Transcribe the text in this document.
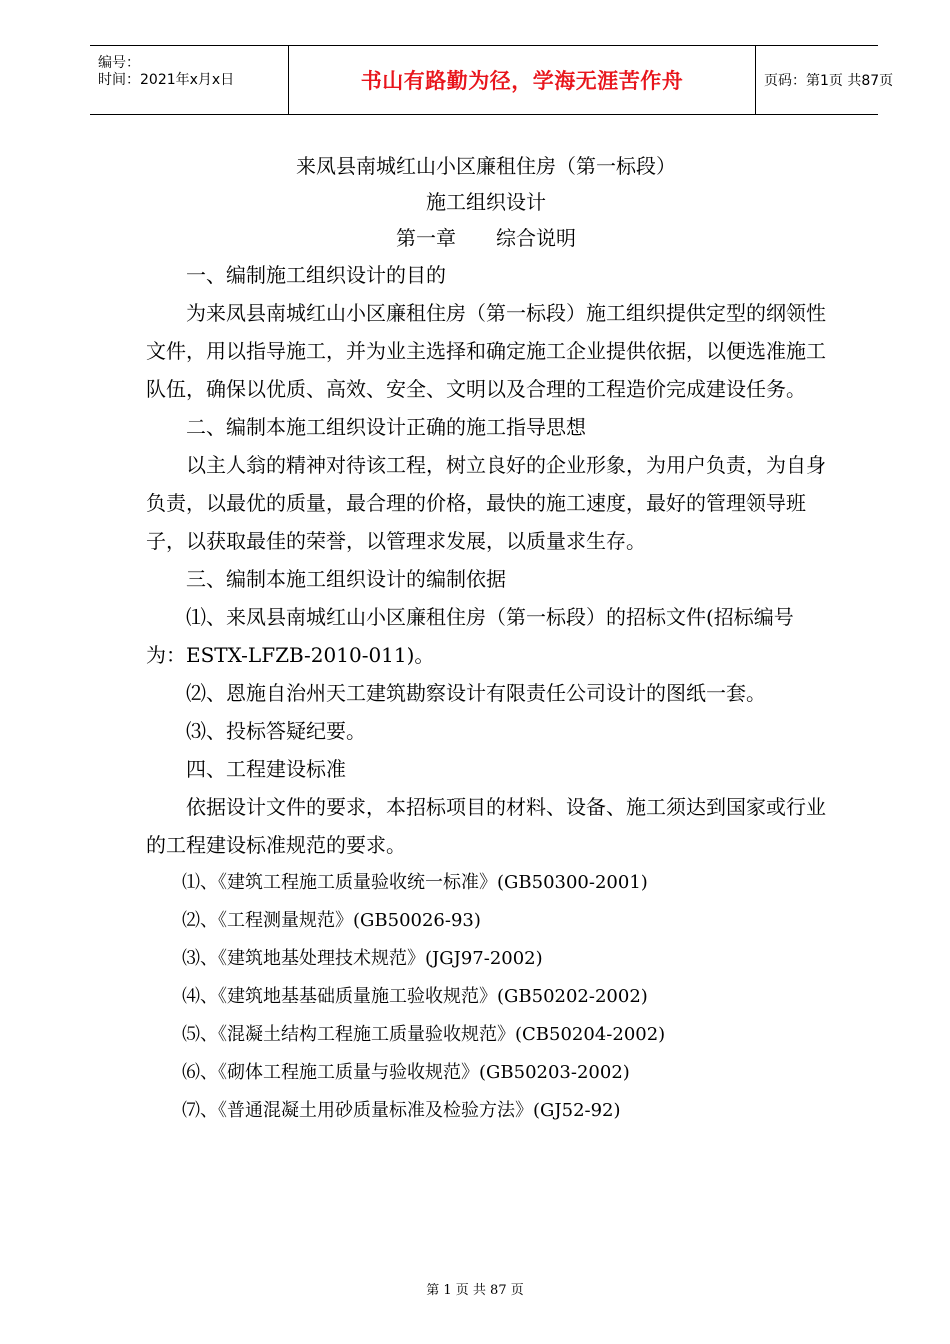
编号：
时间：2021年x月x日	书山有路勤为径，学海无涯苦作舟	页码：第1页 共87页
来凤县南城红山小区廉租住房（第一标段）
施工组织设计
第一章　　综合说明

一、编制施工组织设计的目的

为来凤县南城红山小区廉租住房（第一标段）施工组织提供定型的纲领性文件，用以指导施工，并为业主选择和确定施工企业提供依据，以便选准施工队伍，确保以优质、高效、安全、文明以及合理的工程造价完成建设任务。

二、编制本施工组织设计正确的施工指导思想

以主人翁的精神对待该工程，树立良好的企业形象，为用户负责，为自身负责，以最优的质量，最合理的价格，最快的施工速度，最好的管理领导班子，以获取最佳的荣誉，以管理求发展，以质量求生存。

三、编制本施工组织设计的编制依据

⑴、来凤县南城红山小区廉租住房（第一标段）的招标文件(招标编号为：ESTX-LFZB-2010-011)。

⑵、恩施自治州天工建筑勘察设计有限责任公司设计的图纸一套。

⑶、投标答疑纪要。

四、工程建设标准

依据设计文件的要求，本招标项目的材料、设备、施工须达到国家或行业的工程建设标准规范的要求。

⑴、《建筑工程施工质量验收统一标准》(GB50300-2001)

⑵、《工程测量规范》(GB50026-93)

⑶、《建筑地基处理技术规范》(JGJ97-2002)

⑷、《建筑地基基础质量施工验收规范》(GB50202-2002)

⑸、《混凝土结构工程施工质量验收规范》(CB50204-2002)

⑹、《砌体工程施工质量与验收规范》(GB50203-2002)

⑺、《普通混凝土用砂质量标准及检验方法》(GJ52-92)

第 1 页 共 87 页
